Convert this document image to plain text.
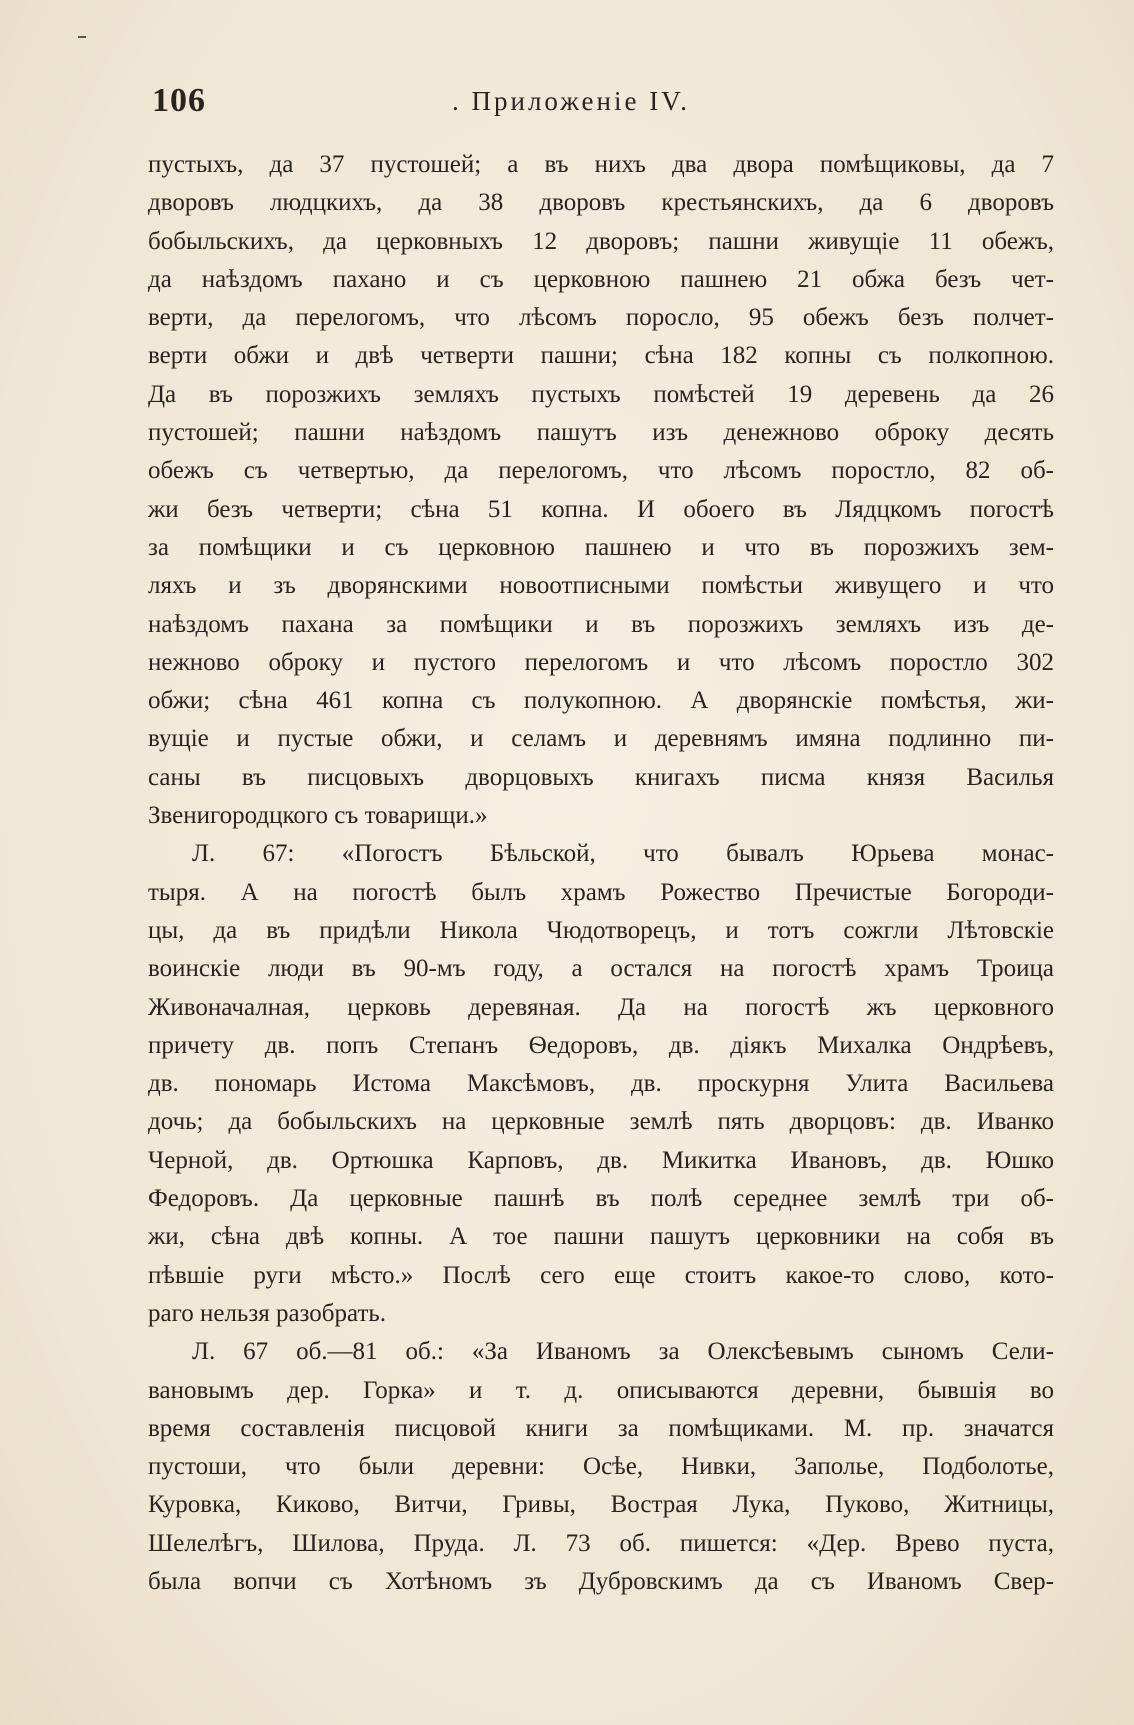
106	. Приложеніе IV.
пустыхъ, да 37 пустошей; а въ нихъ два двора помѣщиковы, да 7
дворовъ людцкихъ, да 38 дворовъ крестьянскихъ, да 6 дворовъ
бобыльскихъ, да церковныхъ 12 дворовъ; пашни живущіе 11 обежъ,
да наѣздомъ пахано и съ церковною пашнею 21 обжа безъ чет-
верти, да перелогомъ, что лѣсомъ поросло, 95 обежъ безъ полчет-
верти обжи и двѣ четверти пашни; сѣна 182 копны съ полкопною.
Да въ порозжихъ земляхъ пустыхъ помѣстей 19 деревень да 26
пустошей; пашни наѣздомъ пашутъ изъ денежново оброку десять
обежъ съ четвертью, да перелогомъ, что лѣсомъ поростло, 82 об-
жи безъ четверти; сѣна 51 копна. И обоего въ Лядцкомъ погостѣ
за помѣщики и съ церковною пашнею и что въ порозжихъ зем-
ляхъ и зъ дворянскими новоотписными помѣстьи живущего и что
наѣздомъ пахана за помѣщики и въ порозжихъ земляхъ изъ де-
нежново оброку и пустого перелогомъ и что лѣсомъ поростло 302
обжи; сѣна 461 копна съ полукопною. А дворянскіе помѣстья, жи-
вущіе и пустые обжи, и селамъ и деревнямъ имяна подлинно пи-
саны въ писцовыхъ дворцовыхъ книгахъ писма князя Василья
Звенигородцкого съ товарищи.»
Л. 67: «Погостъ Бѣльской, что бывалъ Юрьева монас-
тыря. А на погостѣ былъ храмъ Рожество Пречистые Богороди-
цы, да въ придѣли Никола Чюдотворецъ, и тотъ сожгли Лѣтовскіе
воинскіе люди въ 90-мъ году, а остался на погостѣ храмъ Троица
Живоначалная, церковь деревяная. Да на погостѣ жъ церковного
причету дв. попъ Степанъ Ѳедоровъ, дв. діякъ Михалка Ондрѣевъ,
дв. пономарь Истома Максѣмовъ, дв. проскурня Улита Васильева
дочь; да бобыльскихъ на церковные землѣ пять дворцовъ: дв. Иванко
Черной, дв. Ортюшка Карповъ, дв. Микитка Ивановъ, дв. Юшко
Федоровъ. Да церковные пашнѣ въ полѣ середнее землѣ три об-
жи, сѣна двѣ копны. А тое пашни пашутъ церковники на собя въ
пѣвшіе руги мѣсто.» Послѣ сего еще стоитъ какое-то слово, кото-
раго нельзя разобрать.
Л. 67 об.—81 об.: «За Иваномъ за Олексѣевымъ сыномъ Сели-
вановымъ дер. Горка» и т. д. описываются деревни, бывшія во
время составленія писцовой книги за помѣщиками. М. пр. значатся
пустоши, что были деревни: Осѣе, Нивки, Заполье, Подболотье,
Куровка, Киково, Витчи, Гривы, Вострая Лука, Пуково, Житницы,
Шелелѣгъ, Шилова, Пруда. Л. 73 об. пишется: «Дер. Врево пуста,
была вопчи съ Хотѣномъ зъ Дубровскимъ да съ Иваномъ Свер-
